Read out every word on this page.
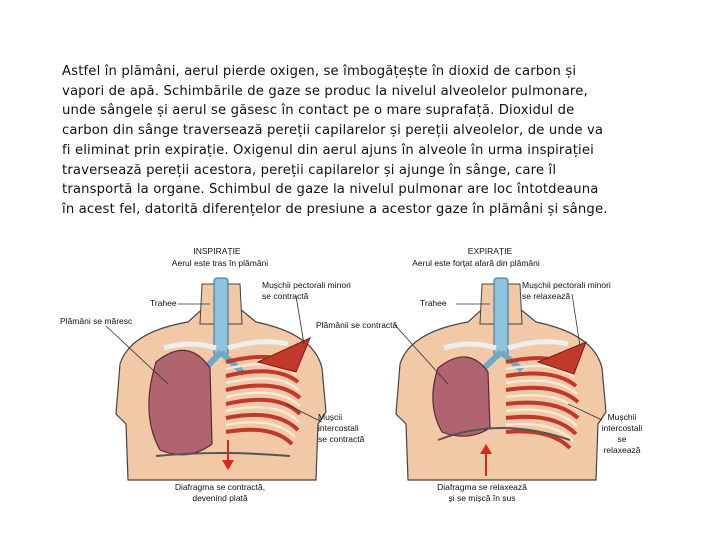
Astfel în plămâni, aerul pierde oxigen, se îmbogățește în dioxid de carbon și
vapori de apă. Schimbările de gaze se produc la nivelul alveolelor pulmonare,
unde sângele și aerul se găsesc în contact pe o mare suprafață. Dioxidul de
carbon din sânge traversează pereții capilarelor și pereții alveolelor, de unde va
fi eliminat prin expirație. Oxigenul din aerul ajuns în alveole în urma inspirației
traversează pereții acestora, pereții capilarelor și ajunge în sânge, care îl
transportă la organe. Schimbul de gaze la nivelul pulmonar are loc întotdeauna
în acest fel, datorită diferențelor de presiune a acestor gaze în plămâni și sânge.

INSPIRAȚIE
Aerul este tras în plămâni
Trahee
Plămâni se măresc
Mușchii pectorali minori
se contractă
Mușcii
intercostali
se contractă
Diafragma se contractă,
devenind plată
EXPIRAȚIE
Aerul este forțat afară din plămâni
Trahee
Plămânii se contractă
Mușchii pectorali minori
se relaxează
Mușchii
intercostali
se
relaxează
Diafragma se relaxează
și se mișcă în sus
